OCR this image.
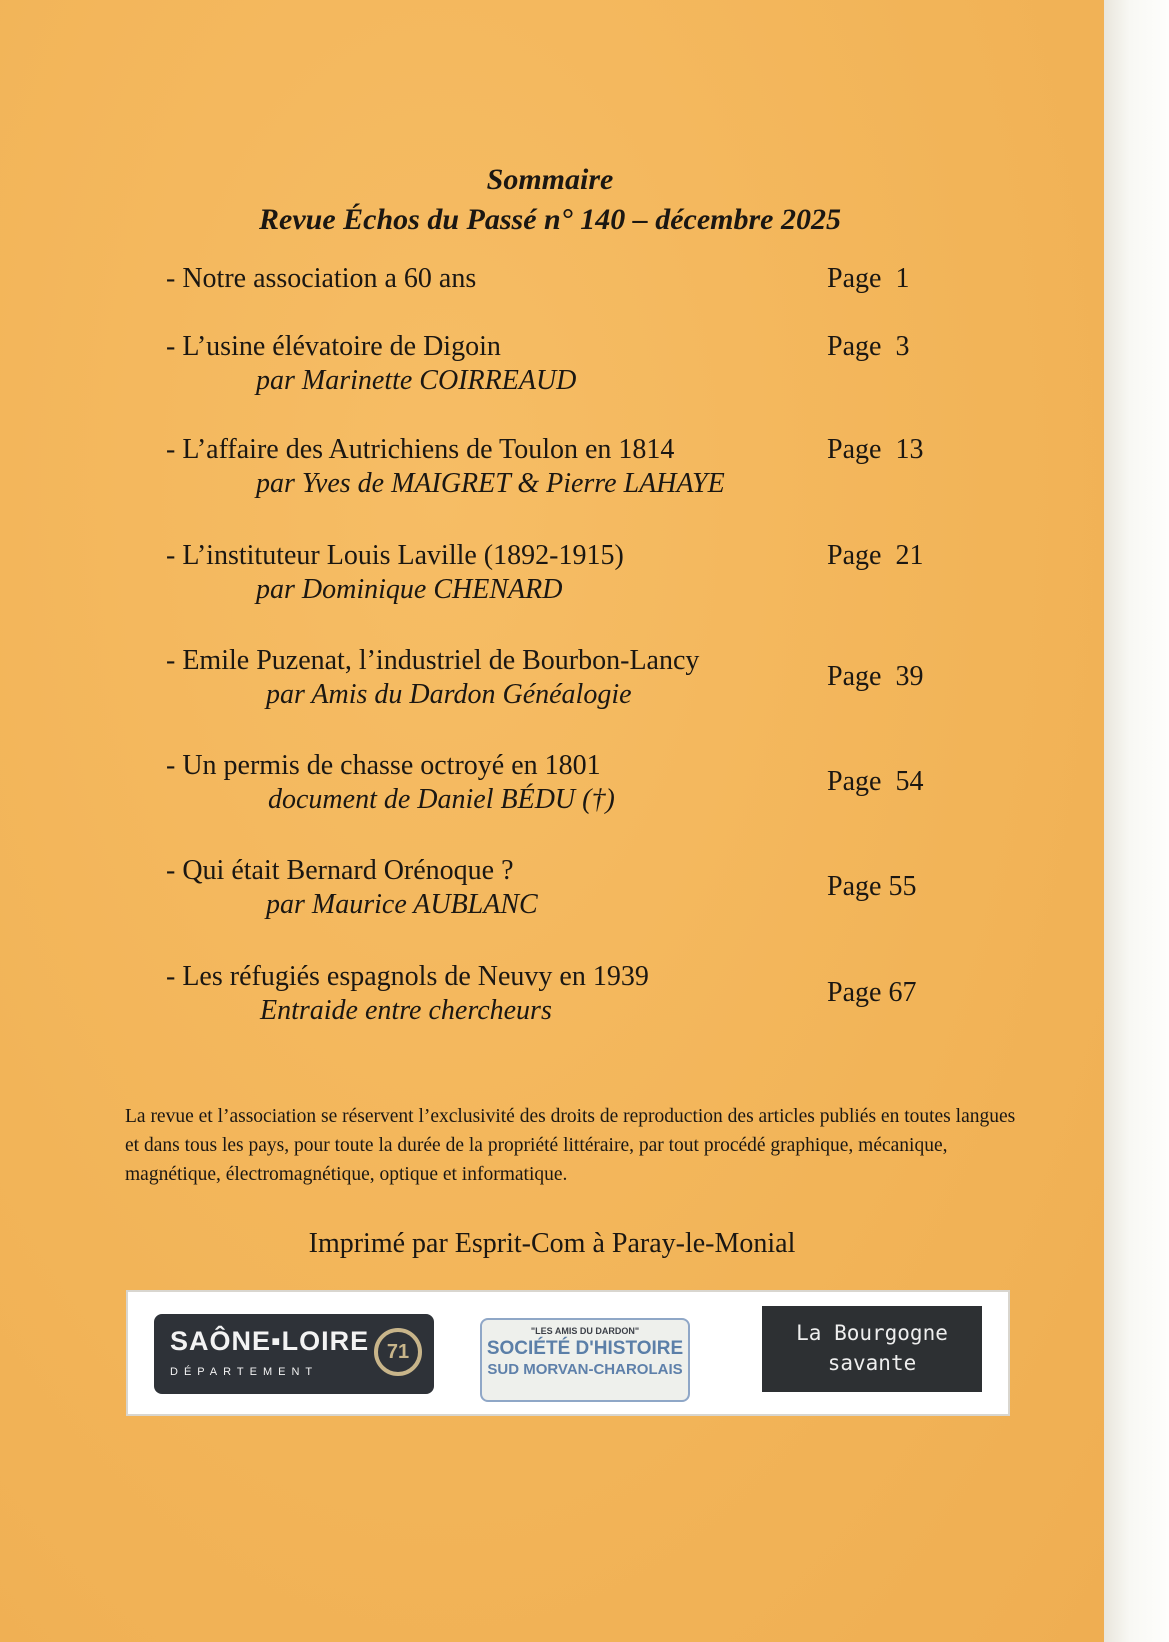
Sommaire
Revue Échos du Passé n° 140 – décembre 2025
- Notre association a 60 ans	Page 1
- L’usine élévatoire de Digoin
par Marinette COIRREAUD
Page 3
- L’affaire des Autrichiens de Toulon en 1814
par Yves de MAIGRET & Pierre LAHAYE
Page 13
- L’instituteur Louis Laville (1892-1915)
par Dominique CHENARD
Page 21
- Emile Puzenat, l’industriel de Bourbon-Lancy
par Amis du Dardon Généalogie
Page 39
- Un permis de chasse octroyé en 1801
document de Daniel BÉDU (†)
Page 54
- Qui était Bernard Orénoque ?
par Maurice AUBLANC
Page 55
- Les réfugiés espagnols de Neuvy en 1939
Entraide entre chercheurs
Page 67
La revue et l’association se réservent l’exclusivité des droits de reproduction des articles publiés en toutes langues et dans tous les pays, pour toute la durée de la propriété littéraire, par tout procédé graphique, mécanique, magnétique, électromagnétique, optique et informatique.
Imprimé par Esprit-Com à Paray-le-Monial
SAÔNE▪LOIRE
DÉPARTEMENT
71
"LES AMIS DU DARDON"
SOCIÉTÉ D'HISTOIRE
SUD MORVAN-CHAROLAIS
La Bourgogne
savante
